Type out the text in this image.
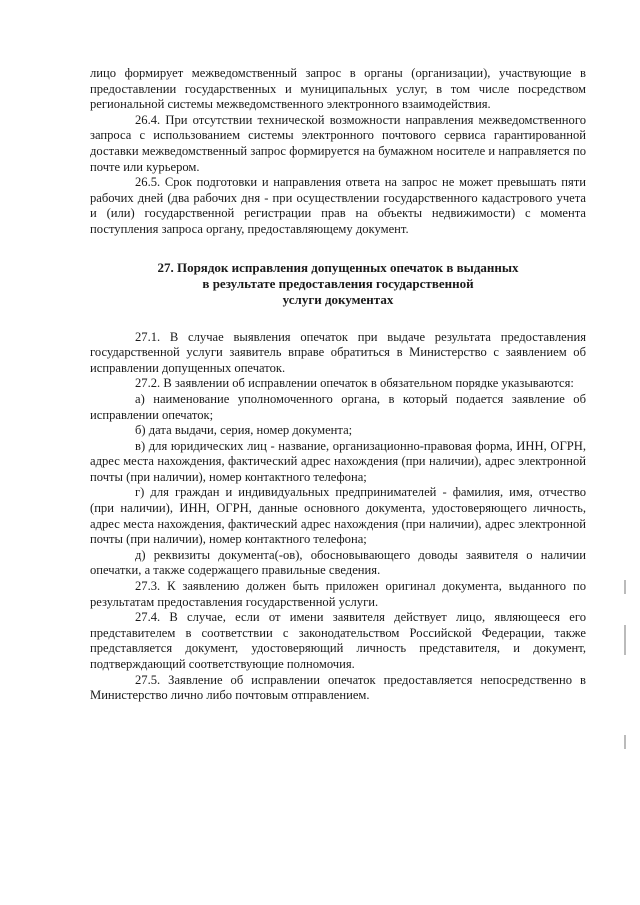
лицо формирует межведомственный запрос в органы (организации), участвующие в предоставлении государственных и муниципальных услуг, в том числе посредством региональной системы межведомственного электронного взаимодействия.

26.4. При отсутствии технической возможности направления межведомственного запроса с использованием системы электронного почтового сервиса гарантированной доставки межведомственный запрос формируется на бумажном носителе и направляется по почте или курьером.

26.5. Срок подготовки и направления ответа на запрос не может превышать пяти рабочих дней (два рабочих дня - при осуществлении государственного кадастрового учета и (или) государственной регистрации прав на объекты недвижимости) с момента поступления запроса органу, предоставляющему документ.

27. Порядок исправления допущенных опечаток в выданных
в результате предоставления государственной
услуги документах

27.1. В случае выявления опечаток при выдаче результата предоставления государственной услуги заявитель вправе обратиться в Министерство с заявлением об исправлении допущенных опечаток.

27.2. В заявлении об исправлении опечаток в обязательном порядке указываются:

а) наименование уполномоченного органа, в который подается заявление об исправлении опечаток;

б) дата выдачи, серия, номер документа;

в) для юридических лиц - название, организационно-правовая форма, ИНН, ОГРН, адрес места нахождения, фактический адрес нахождения (при наличии), адрес электронной почты (при наличии), номер контактного телефона;

г) для граждан и индивидуальных предпринимателей - фамилия, имя, отчество (при наличии), ИНН, ОГРН, данные основного документа, удостоверяющего личность, адрес места нахождения, фактический адрес нахождения (при наличии), адрес электронной почты (при наличии), номер контактного телефона;

д) реквизиты документа(-ов), обосновывающего доводы заявителя о наличии опечатки, а также содержащего правильные сведения.

27.3. К заявлению должен быть приложен оригинал документа, выданного по результатам предоставления государственной услуги.

27.4. В случае, если от имени заявителя действует лицо, являющееся его представителем в соответствии с законодательством Российской Федерации, также представляется документ, удостоверяющий личность представителя, и документ, подтверждающий соответствующие полномочия.

27.5. Заявление об исправлении опечаток предоставляется непосредственно в Министерство лично либо почтовым отправлением.
